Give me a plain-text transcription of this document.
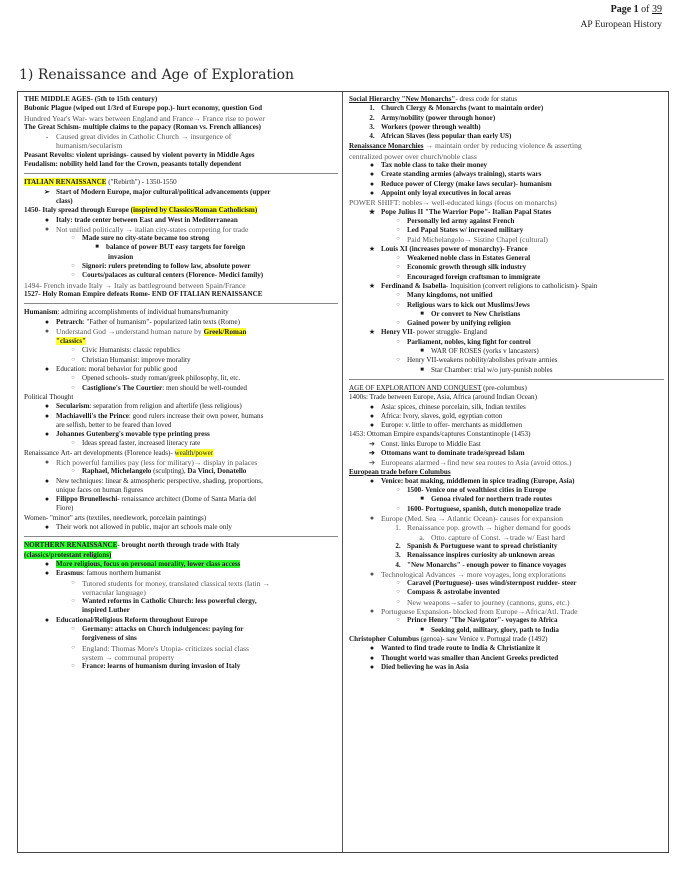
Page 1 of 39
AP European History
1) Renaissance and Age of Exploration
THE MIDDLE AGES- (5th to 15th century)
Bubonic Plague (wiped out 1/3rd of Europe pop.)- hurt economy, question God
Hundred Year's War- wars between England and France→ France rise to power
The Great Schism- multiple claims to the papacy (Roman vs. French alliances)
-	Caused great divides in Catholic Church → insurgence of
humanism/secularism
Peasant Revolts: violent uprisings- caused by violent poverty in Middle Ages
Feudalism: nobility held land for the Crown, peasants totally dependent
ITALIAN RENAISSANCE ("Rebirth") - 1350-1550
➢ Start of Modern Europe, major cultural/political advancements (upper
class)
1450- Italy spread through Europe (inspired by Classics/Roman Catholicism)
● Italy: trade center between East and West in Mediterranean
● Not unified politically → italian city-states competing for trade
○	Made sure no city-state became too strong
■	balance of power BUT easy targets for foreign
invasion
○	Signori: rulers pretending to follow law, absolute power
○	Courts/palaces as cultural centers (Florence- Medici family)
1494- French invade Italy → Italy as battleground between Spain/France
1527- Holy Roman Empire defeats Rome- END OF ITALIAN RENAISSANCE
Humanism: admiring accomplishments of individual humans/humanity
● Petrarch: "Father of humanism"- popularized latin texts (Rome)
● Understand God →understand human nature by Greek/Roman
"classics"
○	Civic Humanists: classic republics
○	Christian Humanist: improve morality
● Education: moral behavior for public good
○	Opened schools- study roman/greek philosophy, lit, etc.
○	Castiglione's The Courtier: men should be well-rounded
Political Thought
● Secularism: separation from religion and afterlife (less religious)
● Machiavelli's the Prince: good rulers increase their own power, humans
are selfish, better to be feared than loved
● Johannes Gutenberg's movable type printing press
○	Ideas spread faster, increased literacy rate
Renaissance Art- art developments (Florence leads)- wealth/power
● Rich powerful families pay (less for military)→ display in palaces
○	Raphael, Michelangelo (sculpting), Da Vinci, Donatello
● New techniques: linear & atmospheric perspective, shading, proportions,
unique faces on human figures
● Filippo Brunelleschi- renaissance architect (Dome of Santa Maria del
Fiore)
Women- "minor" arts (textiles, needlework, porcelain paintings)
● Their work not allowed in public, major art schools male only
NORTHERN RENAISSANCE- brought north through trade with Italy
(classics/protestant religions)
● More religious, focus on personal morality, lower class access
● Erasmus: famous northern humanist
○ Tutored students for money, translated classical texts (latin →
vernacular language)
○	Wanted reforms in Catholic Church: less powerful clergy,
inspired Luther
● Educational/Religious Reform throughout Europe
○	Germany: attacks on Church indulgences: paying for
forgiveness of sins
○ England: Thomas More's Utopia- criticizes social class
system → communal property
○	France: learns of humanism during invasion of Italy
Social Hierarchy "New Monarchs"- dress code for status
1. Church Clergy & Monarchs (want to maintain order)
2. Army/nobility (power through honor)
3. Workers (power through wealth)
4. African Slaves (less popular than early US)
Renaissance Monarchies → maintain order by reducing violence & asserting
centralized power over church/noble class
● Tax noble class to take their money
● Create standing armies (always training), starts wars
● Reduce power of Clergy (make laws secular)- humanism
● Appoint only loyal executives in local areas
POWER SHIFT: nobles→ well-educated kings (focus on monarchs)
★ Pope Julius II "The Warrior Pope"- Italian Papal States
○	Personally led army against French
○	Led Papal States w/ increased military
○ Paid Michelangelo→ Sistine Chapel (cultural)
★ Louis XI (increases power of monarchy)- France
○	Weakened noble class in Estates General
○	Economic growth through silk industry
○	Encouraged foreign craftsman to immigrate
★ Ferdinand & Isabella- Inquisition (convert religions to catholicism)- Spain
○	Many kingdoms, not unified
○	Religious wars to kick out Muslims/Jews
■	Or convert to New Christians
○	Gained power by unifying religion
★ Henry VII- power struggle- England
○	Parliament, nobles, king fight for control
■	WAR OF ROSES (yorks v lancasters)
○	Henry VII-weakens nobility/abolishes private armies
■	Star Chamber: trial w/o jury-punish nobles
AGE OF EXPLORATION AND CONQUEST (pre-columbus)
1400s: Trade between Europe, Asia, Africa (around Indian Ocean)
● Asia: spices, chinese porcelain, silk, Indian textiles
● Africa: Ivory, slaves, gold, egyptian cotton
● Europe: v. little to offer- merchants as middlemen
1453: Ottoman Empire expands/captures Constantinople (1453)
➔ Const. links Europe to Middle East
➔ Ottomans want to dominate trade/spread Islam
➔ Europeans alarmed→find new sea routes to Asia (avoid ottos.)
European trade before Columbus
● Venice: boat making, middlemen in spice trading (Europe, Asia)
○	1500- Venice one of wealthiest cities in Europe
■	Genoa rivaled for northern trade routes
○	1600- Portuguese, spanish, dutch monopolize trade
● Europe (Med. Sea → Atlantic Ocean)- causes for expansion
1. Renaissance pop. growth → higher demand for goods
a. Otto. capture of Const. →trade w/ East hard
2. Spanish & Portuguese want to spread christianity
3. Renaissance inspires curiosity ab unknown areas
4. "New Monarchs" - enough power to finance voyages
● Technological Advances → more voyages, long explorations
○	Caravel (Portuguese)- uses wind/sternpost rudder- steer
○	Compass & astrolabe invented
○ New weapons→safer to journey (cannons, guns, etc.)
● Portuguese Expansion- blocked from Europe→Africa/Atl. Trade
○	Prince Henry "The Navigator"- voyages to Africa
■	Seeking gold, military, glory, path to India
Christopher Columbus (genoa)- saw Venice v. Portugal trade (1492)
● Wanted to find trade route to India & Christianize it
● Thought world was smaller than Ancient Greeks predicted
● Died believing he was in Asia
